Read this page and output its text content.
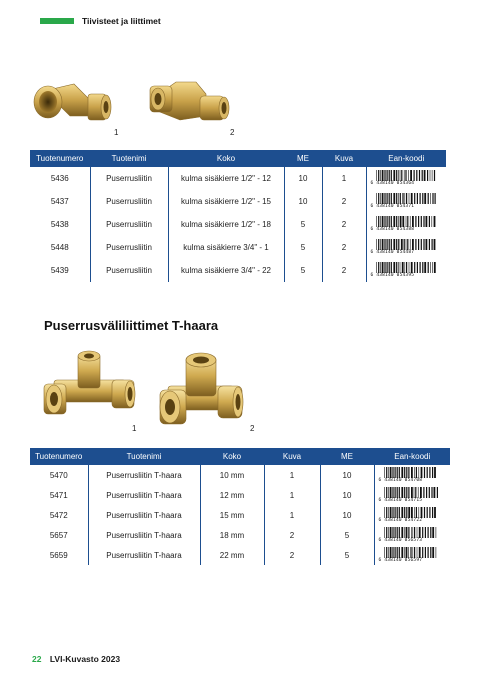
Tiivisteet ja liittimet
1	2
Tuotenumero	Tuotenimi	Koko	ME	Kuva	Ean-koodi
5436	Puserrusliitin	kulma sisäkierre 1/2" - 12	10	1	6 438140 054364

5437	Puserrusliitin	kulma sisäkierre 1/2" - 15	10	2	6 438140 054371

5438	Puserrusliitin	kulma sisäkierre 1/2" - 18	5	2	6 438140 054388

5448	Puserrusliitin	kulma sisäkierre 3/4" - 1	5	2	6 438140 054487

5439	Puserrusliitin	kulma sisäkierre 3/4" - 22	5	2	6 438140 054395
Puserrusväliliittimet T-haara
1	2
Tuotenumero	Tuotenimi	Koko	Kuva	ME	Ean-koodi
5470	Puserrusliitin T-haara	10 mm	1	10	6 438140 054708

5471	Puserrusliitin T-haara	12 mm	1	10	6 438140 054715

5472	Puserrusliitin T-haara	15 mm	1	10	6 438140 054722

5657	Puserrusliitin T-haara	18 mm	2	5	6 438140 056573

5659	Puserrusliitin T-haara	22 mm	2	5	6 438140 056597
22 LVI-Kuvasto 2023
